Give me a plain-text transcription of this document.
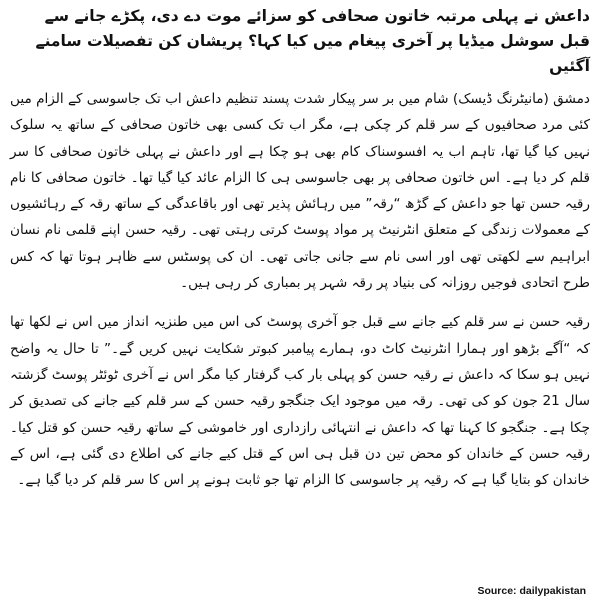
داعش نے پہلی مرتبہ خاتون صحافی کو سزائے موت دے دی، پکڑے جانے سے قبل سوشل میڈیا پر آخری پیغام میں کیا کہا؟ پریشان کن تفصیلات سامنے آگئیں

دمشق (مانیٹرنگ ڈیسک) شام میں بر سر پیکار شدت پسند تنظیم داعش اب تک جاسوسی کے الزام میں کئی مرد صحافیوں کے سر قلم کر چکی ہے، مگر اب تک کسی بھی خاتون صحافی کے ساتھ یہ سلوک نہیں کیا گیا تھا، تاہم اب یہ افسوسناک کام بھی ہو چکا ہے اور داعش نے پہلی خاتون صحافی کا سر قلم کر دیا ہے۔ اس خاتون صحافی پر بھی جاسوسی ہی کا الزام عائد کیا گیا تھا۔ خاتون صحافی کا نام رقیہ حسن تھا جو داعش کے گڑھ “رقہ” میں رہائش پذیر تھی اور باقاعدگی کے ساتھ رقہ کے رہائشیوں کے معمولات زندگی کے متعلق انٹرنیٹ پر مواد پوسٹ کرتی رہتی تھی۔ رقیہ حسن اپنے قلمی نام نسان ابراہیم سے لکھتی تھی اور اسی نام سے جانی جاتی تھی۔ ان کی پوسٹس سے ظاہر ہوتا تھا کہ کس طرح اتحادی فوجیں روزانہ کی بنیاد پر رقہ شہر پر بمباری کر رہی ہیں۔

رقیہ حسن نے سر قلم کیے جانے سے قبل جو آخری پوسٹ کی اس میں طنزیہ انداز میں اس نے لکھا تھا کہ “آگے بڑھو اور ہمارا انٹرنیٹ کاٹ دو، ہمارے پیامبر کبوتر شکایت نہیں کریں گے۔” تا حال یہ واضح نہیں ہو سکا کہ داعش نے رقیہ حسن کو پہلی بار کب گرفتار کیا مگر اس نے آخری ٹوئٹر پوسٹ گزشتہ سال 21 جون کو کی تھی۔ رقہ میں موجود ایک جنگجو رقیہ حسن کے سر قلم کیے جانے کی تصدیق کر چکا ہے۔ جنگجو کا کہنا تھا کہ داعش نے انتہائی رازداری اور خاموشی کے ساتھ رقیہ حسن کو قتل کیا۔ رقیہ حسن کے خاندان کو محض تین دن قبل ہی اس کے قتل کیے جانے کی اطلاع دی گئی ہے، اس کے خاندان کو بتایا گیا ہے کہ رقیہ پر جاسوسی کا الزام تھا جو ثابت ہونے پر اس کا سر قلم کر دیا گیا ہے۔

Source: dailypakistan
